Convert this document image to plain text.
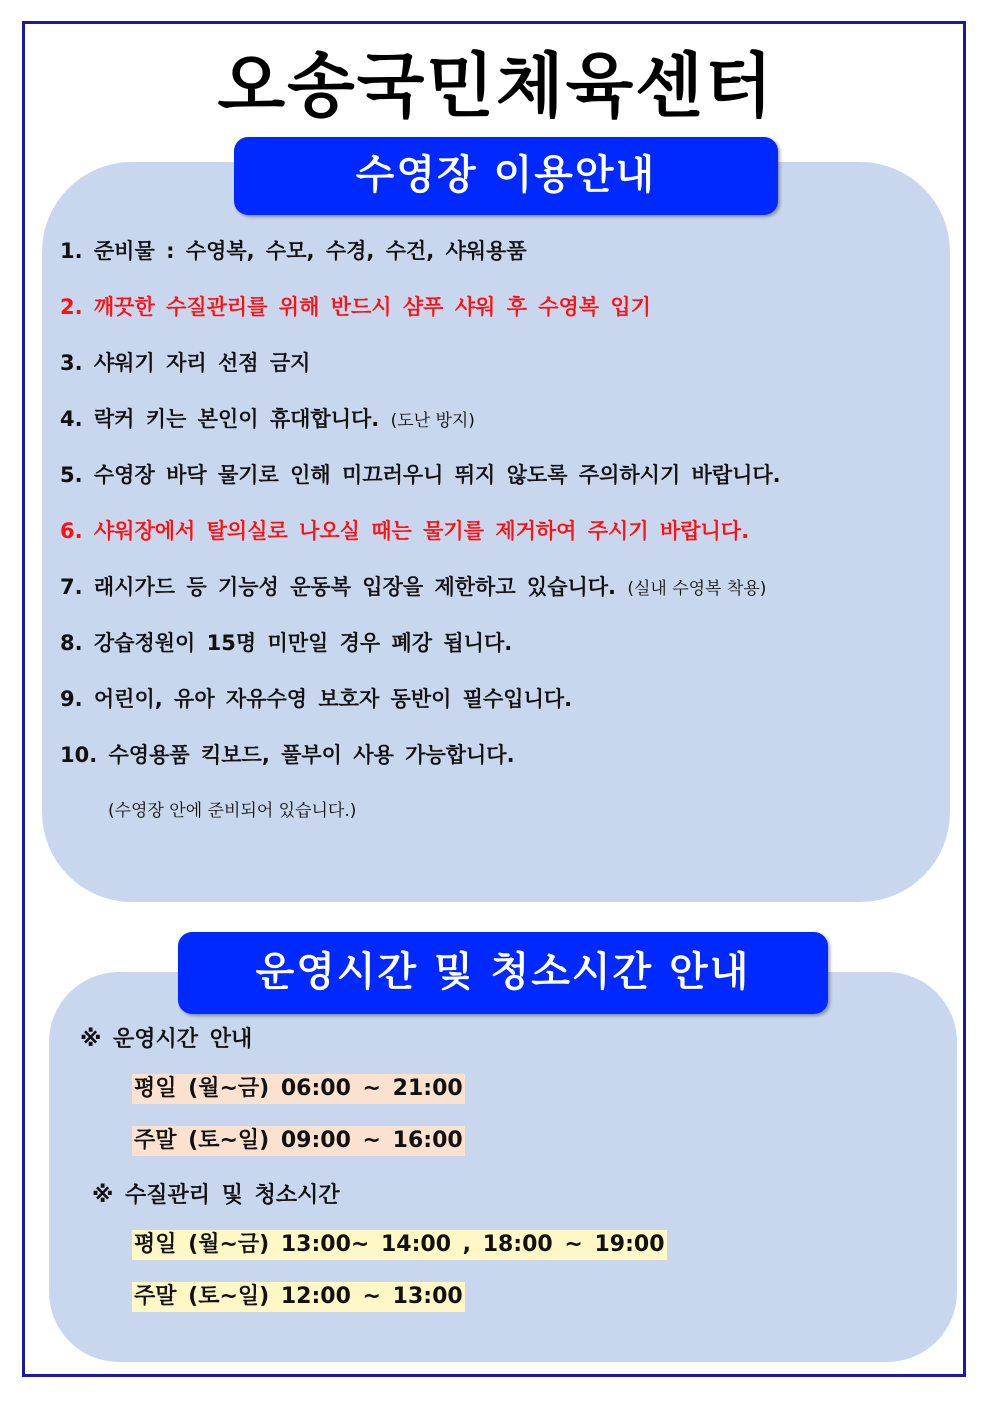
오송국민체육센터
수영장 이용안내
1. 준비물 : 수영복, 수모, 수경, 수건, 샤워용품
2. 깨끗한 수질관리를 위해 반드시 샴푸 샤워 후 수영복 입기
3. 샤워기 자리 선점 금지
4. 락커 키는 본인이 휴대합니다. (도난 방지)
5. 수영장 바닥 물기로 인해 미끄러우니 뛰지 않도록 주의하시기 바랍니다.
6. 샤워장에서 탈의실로 나오실 때는 물기를 제거하여 주시기 바랍니다.
7. 래시가드 등 기능성 운동복 입장을 제한하고 있습니다. (실내 수영복 착용)
8. 강습정원이 15명 미만일 경우 폐강 됩니다.
9. 어린이, 유아 자유수영 보호자 동반이 필수입니다.
10. 수영용품 킥보드, 풀부이 사용 가능합니다.
(수영장 안에 준비되어 있습니다.)
운영시간 및 청소시간 안내
※ 운영시간 안내
평일 (월~금) 06:00 ~ 21:00
주말 (토~일) 09:00 ~ 16:00
※ 수질관리 및 청소시간
평일 (월~금) 13:00~ 14:00 , 18:00 ~ 19:00
주말 (토~일) 12:00 ~ 13:00
